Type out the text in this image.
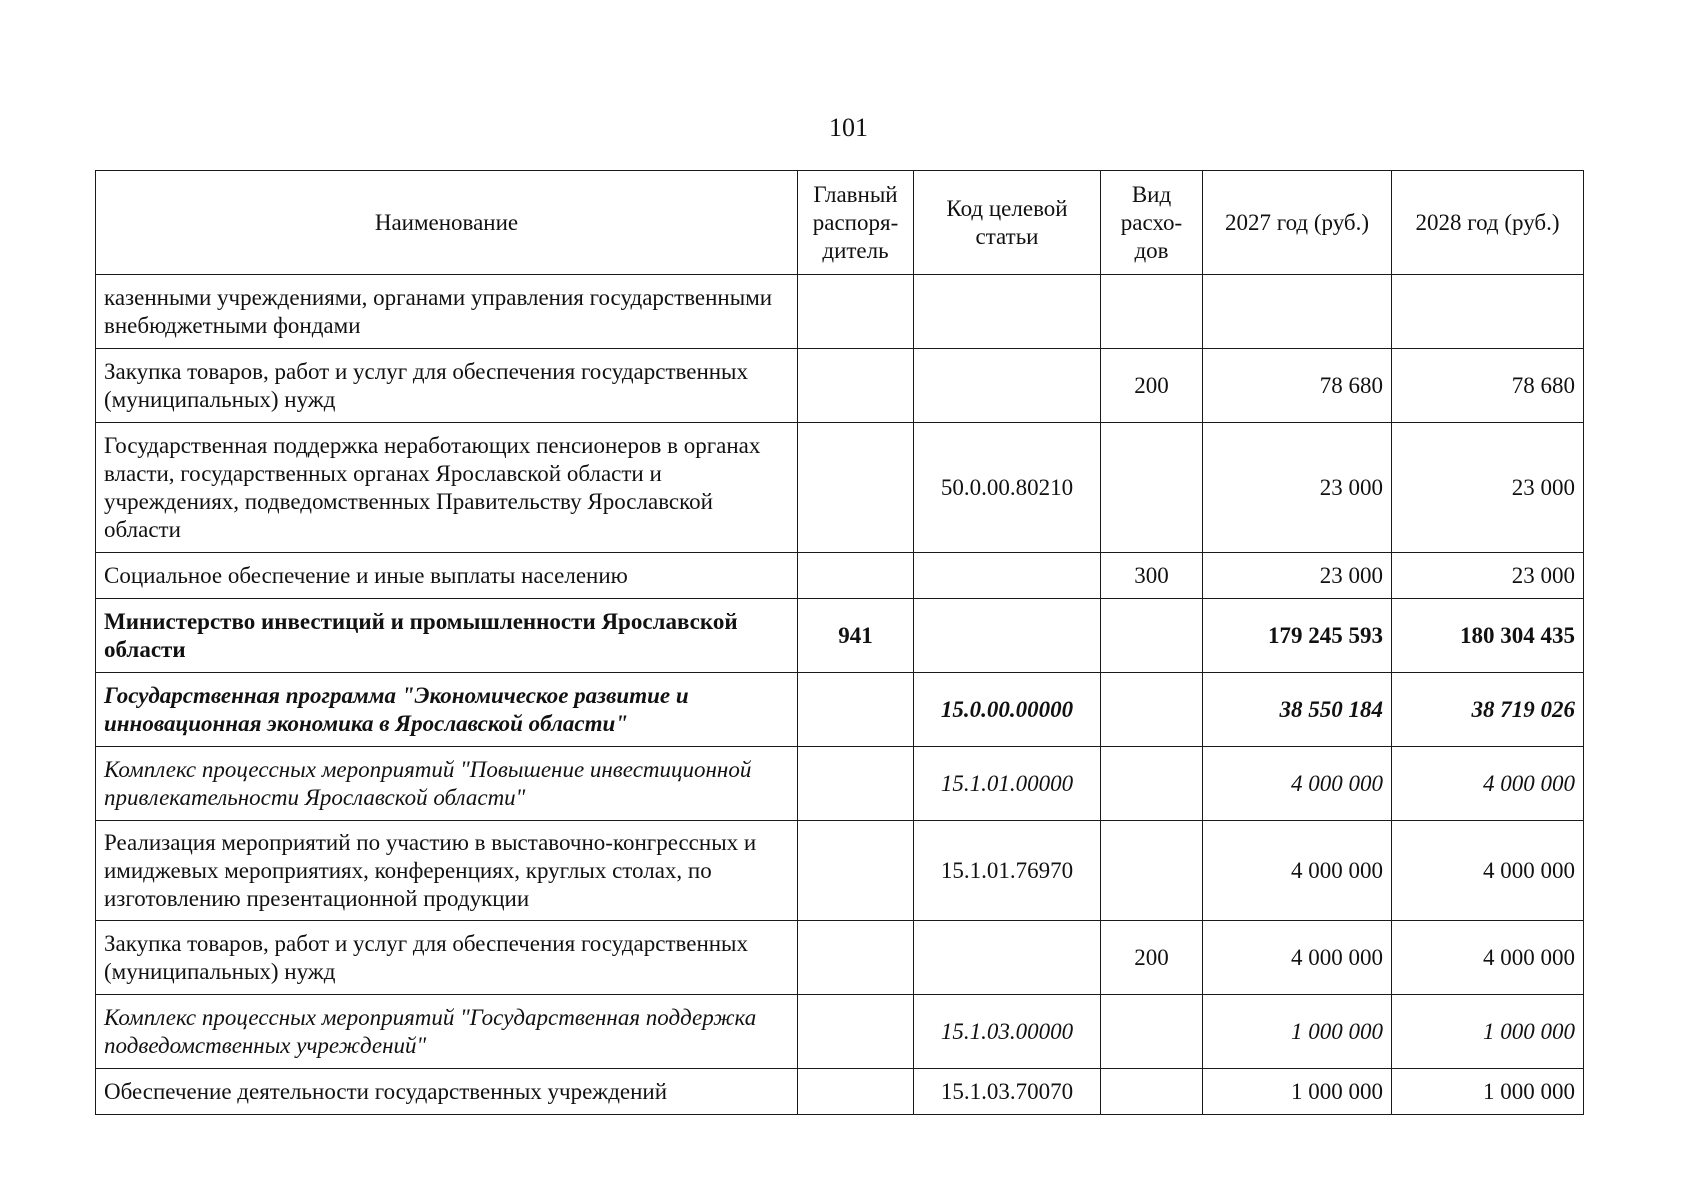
101
Наименование	Главный распоря-дитель	Код целевой статьи	Вид расхо-дов	2027 год (руб.)	2028 год (руб.)
казенными учреждениями, органами управления государственными внебюджетными фондами					
Закупка товаров, работ и услуг для обеспечения государственных (муниципальных) нужд			200	78 680	78 680
Государственная поддержка неработающих пенсионеров в органах власти, государственных органах Ярославской области и учреждениях, подведомственных Правительству Ярославской области		50.0.00.80210		23 000	23 000
Социальное обеспечение и иные выплаты населению			300	23 000	23 000
Министерство инвестиций и промышленности Ярославской области	941			179 245 593	180 304 435
Государственная программа "Экономическое развитие и инновационная экономика в Ярославской области"		15.0.00.00000		38 550 184	38 719 026
Комплекс процессных мероприятий "Повышение инвестиционной привлекательности Ярославской области"		15.1.01.00000		4 000 000	4 000 000
Реализация мероприятий по участию в выставочно-конгрессных и имиджевых мероприятиях, конференциях, круглых столах, по изготовлению презентационной продукции		15.1.01.76970		4 000 000	4 000 000
Закупка товаров, работ и услуг для обеспечения государственных (муниципальных) нужд			200	4 000 000	4 000 000
Комплекс процессных мероприятий "Государственная поддержка подведомственных учреждений"		15.1.03.00000		1 000 000	1 000 000
Обеспечение деятельности государственных учреждений		15.1.03.70070		1 000 000	1 000 000
